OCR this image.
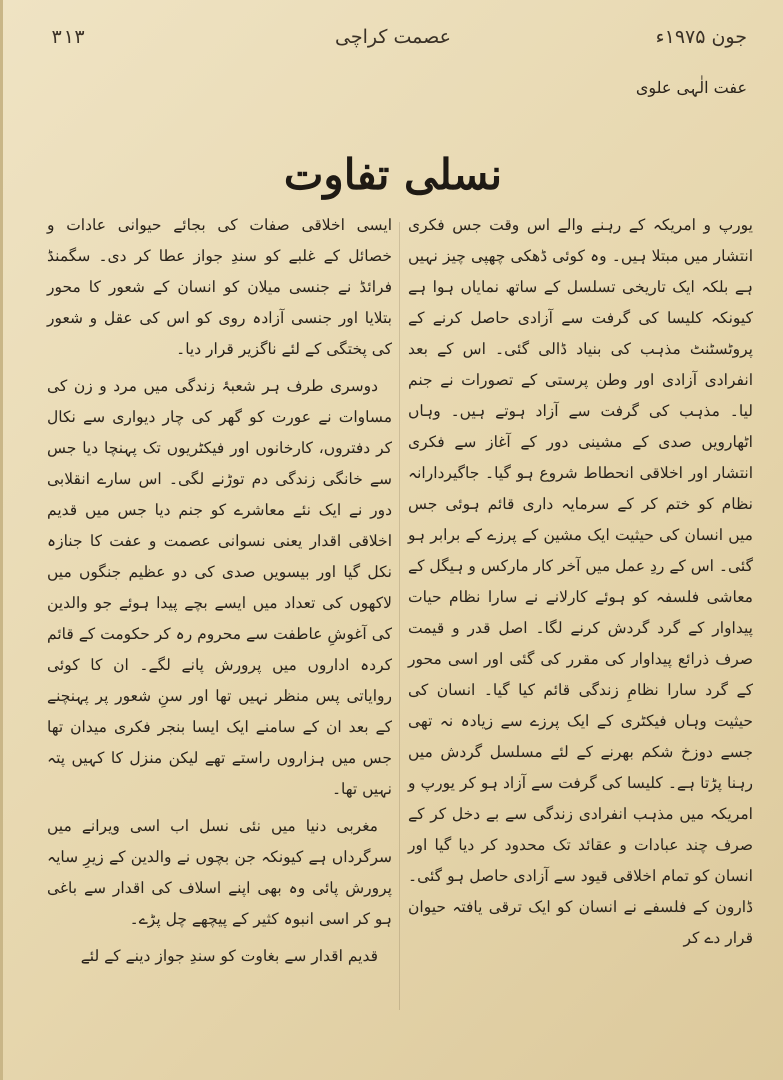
۳۱۳	عصمت کراچی	جون ۱۹۷۵ء
عفت الٰہی علوی
نسلی تفاوت

یورپ و امریکہ کے رہنے والے اس وقت جس فکری انتشار میں مبتلا ہیں۔ وہ کوئی ڈھکی چھپی چیز نہیں ہے بلکہ ایک تاریخی تسلسل کے ساتھ نمایاں ہوا ہے کیونکہ کلیسا کی گرفت سے آزادی حاصل کرنے کے پروٹسٹنٹ مذہب کی بنیاد ڈالی گئی۔ اس کے بعد انفرادی آزادی اور وطن پرستی کے تصورات نے جنم لیا۔ مذہب کی گرفت سے آزاد ہوتے ہیں۔ وہاں اٹھارویں صدی کے مشینی دور کے آغاز سے فکری انتشار اور اخلاقی انحطاط شروع ہو گیا۔ جاگیردارانہ نظام کو ختم کر کے سرمایہ داری قائم ہوئی جس میں انسان کی حیثیت ایک مشین کے پرزے کے برابر ہو گئی۔ اس کے ردِ عمل میں آخر کار مارکس و ہیگل کے معاشی فلسفہ کو ہوئے کارلانے نے سارا نظام حیات پیداوار کے گرد گردش کرنے لگا۔ اصل قدر و قیمت صرف ذرائع پیداوار کی مقرر کی گئی اور اسی محور کے گرد سارا نظامِ زندگی قائم کیا گیا۔ انسان کی حیثیت وہاں فیکٹری کے ایک پرزے سے زیادہ نہ تھی جسے دوزخ شکم بھرنے کے لئے مسلسل گردش میں رہنا پڑتا ہے۔ کلیسا کی گرفت سے آزاد ہو کر یورپ و امریکہ میں مذہب انفرادی زندگی سے بے دخل کر کے صرف چند عبادات و عقائد تک محدود کر دیا گیا اور انسان کو تمام اخلاقی قیود سے آزادی حاصل ہو گئی۔ ڈارون کے فلسفے نے انسان کو ایک ترقی یافتہ حیوان قرار دے کر

ایسی اخلاقی صفات کی بجائے حیوانی عادات و خصائل کے غلبے کو سندِ جواز عطا کر دی۔ سگمنڈ فرائڈ نے جنسی میلان کو انسان کے شعور کا محور بتلایا اور جنسی آزادہ روی کو اس کی عقل و شعور کی پختگی کے لئے ناگزیر قرار دیا۔

دوسری طرف ہر شعبۂ زندگی میں مرد و زن کی مساوات نے عورت کو گھر کی چار دیواری سے نکال کر دفتروں، کارخانوں اور فیکٹریوں تک پہنچا دیا جس سے خانگی زندگی دم توڑنے لگی۔ اس سارے انقلابی دور نے ایک نئے معاشرے کو جنم دیا جس میں قدیم اخلاقی اقدار یعنی نسوانی عصمت و عفت کا جنازہ نکل گیا اور بیسویں صدی کی دو عظیم جنگوں میں لاکھوں کی تعداد میں ایسے بچے پیدا ہوئے جو والدین کی آغوشِ عاطفت سے محروم رہ کر حکومت کے قائم کردہ اداروں میں پرورش پانے لگے۔ ان کا کوئی روایاتی پس منظر نہیں تھا اور سنِ شعور پر پہنچنے کے بعد ان کے سامنے ایک ایسا بنجر فکری میدان تھا جس میں ہزاروں راستے تھے لیکن منزل کا کہیں پتہ نہیں تھا۔

مغربی دنیا میں نئی نسل اب اسی ویرانے میں سرگرداں ہے کیونکہ جن بچوں نے والدین کے زیرِ سایہ پرورش پائی وہ بھی اپنے اسلاف کی اقدار سے باغی ہو کر اسی انبوہ کثیر کے پیچھے چل پڑے۔

قدیم اقدار سے بغاوت کو سندِ جواز دینے کے لئے
